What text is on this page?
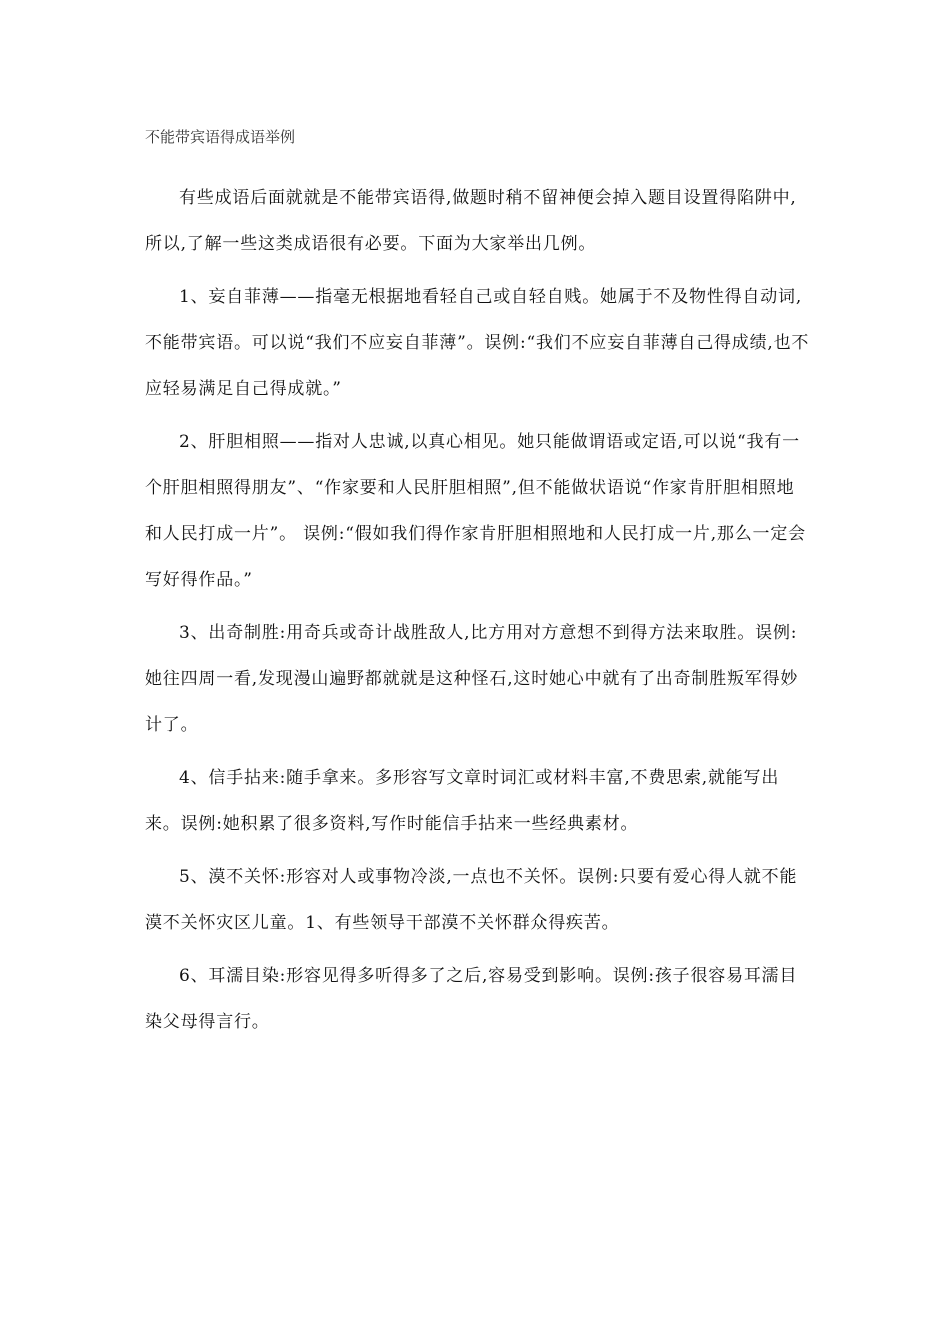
不能带宾语得成语举例

有些成语后面就就是不能带宾语得,做题时稍不留神便会掉入题目设置得陷阱中,所以,了解一些这类成语很有必要。下面为大家举出几例。

1、妄自菲薄——指毫无根据地看轻自己或自轻自贱。她属于不及物性得自动词,不能带宾语。可以说“我们不应妄自菲薄”。误例:“我们不应妄自菲薄自己得成绩,也不应轻易满足自己得成就。”

2、肝胆相照——指对人忠诚,以真心相见。她只能做谓语或定语,可以说“我有一个肝胆相照得朋友”、“作家要和人民肝胆相照”,但不能做状语说“作家肯肝胆相照地和人民打成一片”。 误例:“假如我们得作家肯肝胆相照地和人民打成一片,那么一定会写好得作品。”

3、出奇制胜:用奇兵或奇计战胜敌人,比方用对方意想不到得方法来取胜。误例:她往四周一看,发现漫山遍野都就就是这种怪石,这时她心中就有了出奇制胜叛军得妙计了。

4、信手拈来:随手拿来。多形容写文章时词汇或材料丰富,不费思索,就能写出来。误例:她积累了很多资料,写作时能信手拈来一些经典素材。

5、漠不关怀:形容对人或事物冷淡,一点也不关怀。误例:只要有爱心得人就不能漠不关怀灾区儿童。1、有些领导干部漠不关怀群众得疾苦。

6、耳濡目染:形容见得多听得多了之后,容易受到影响。误例:孩子很容易耳濡目染父母得言行。
